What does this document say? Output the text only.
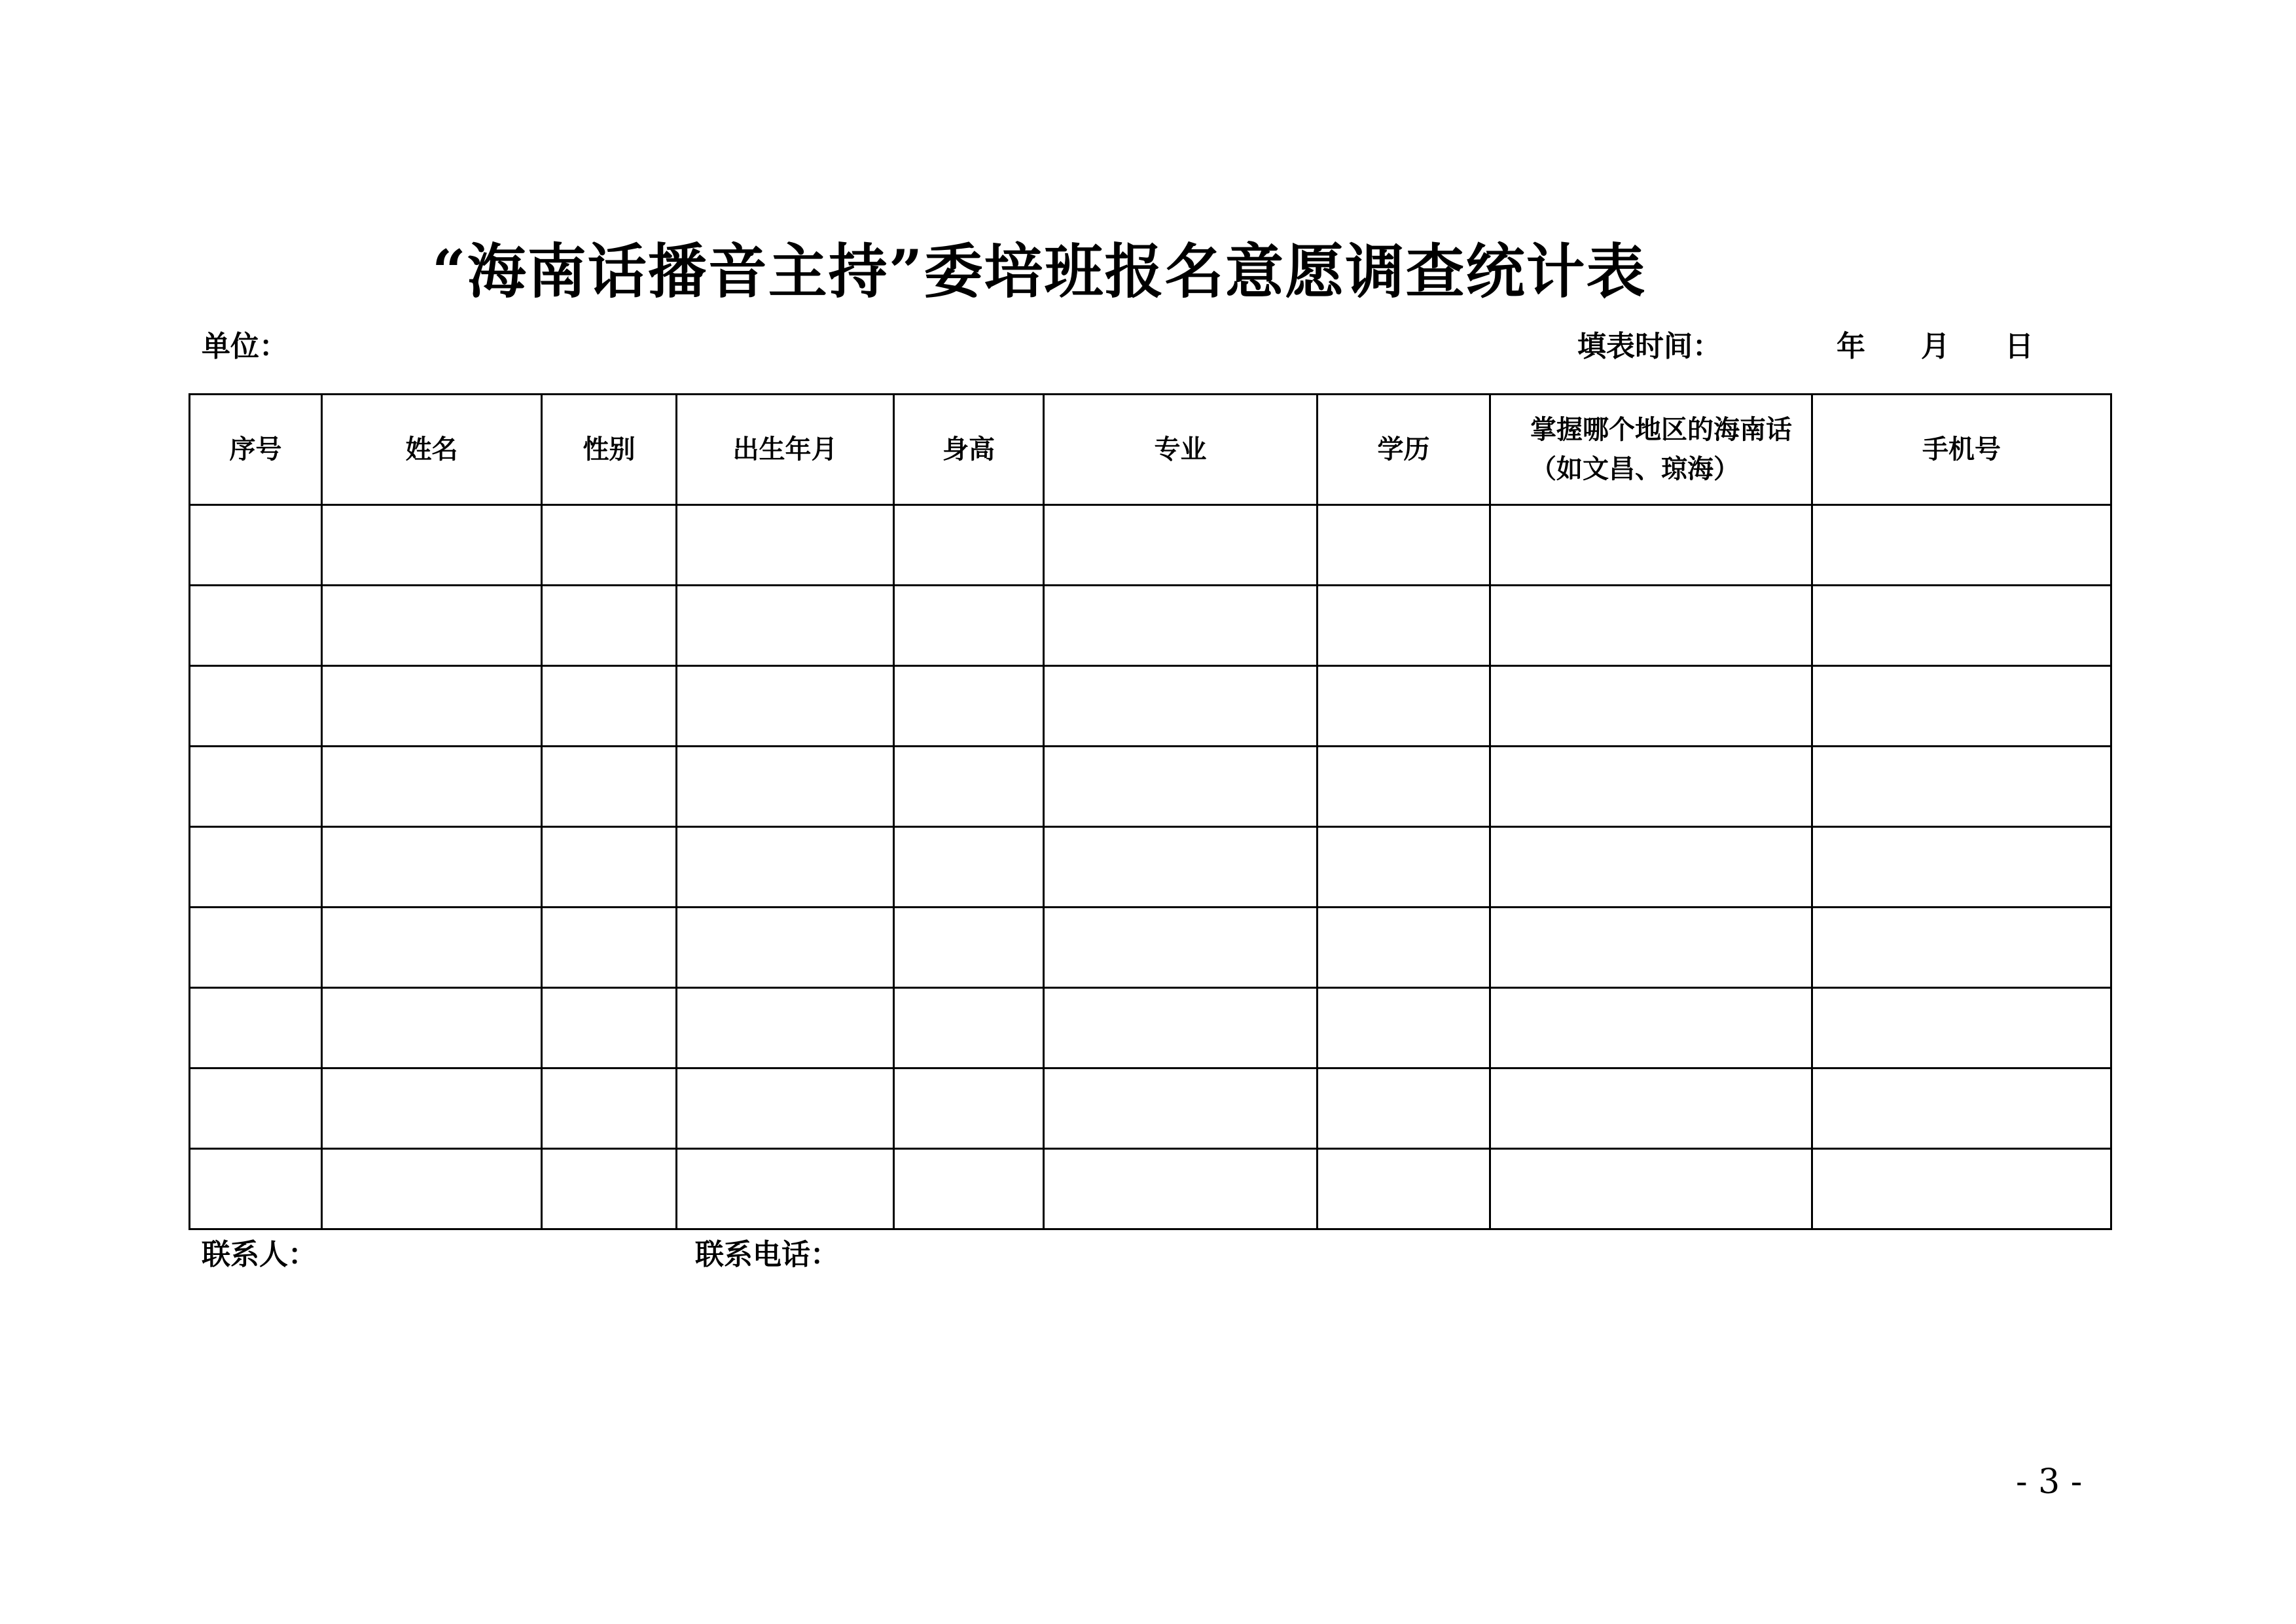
“海南话播音主持”委培班报名意愿调查统计表
单位：	填表时间：	年 月 日
序号	姓名	性别	出生年月	身高	专业	学历	掌握哪个地区的海南话（如文昌、琼海）	手机号

联系人：	联系电话：
- 3 -
